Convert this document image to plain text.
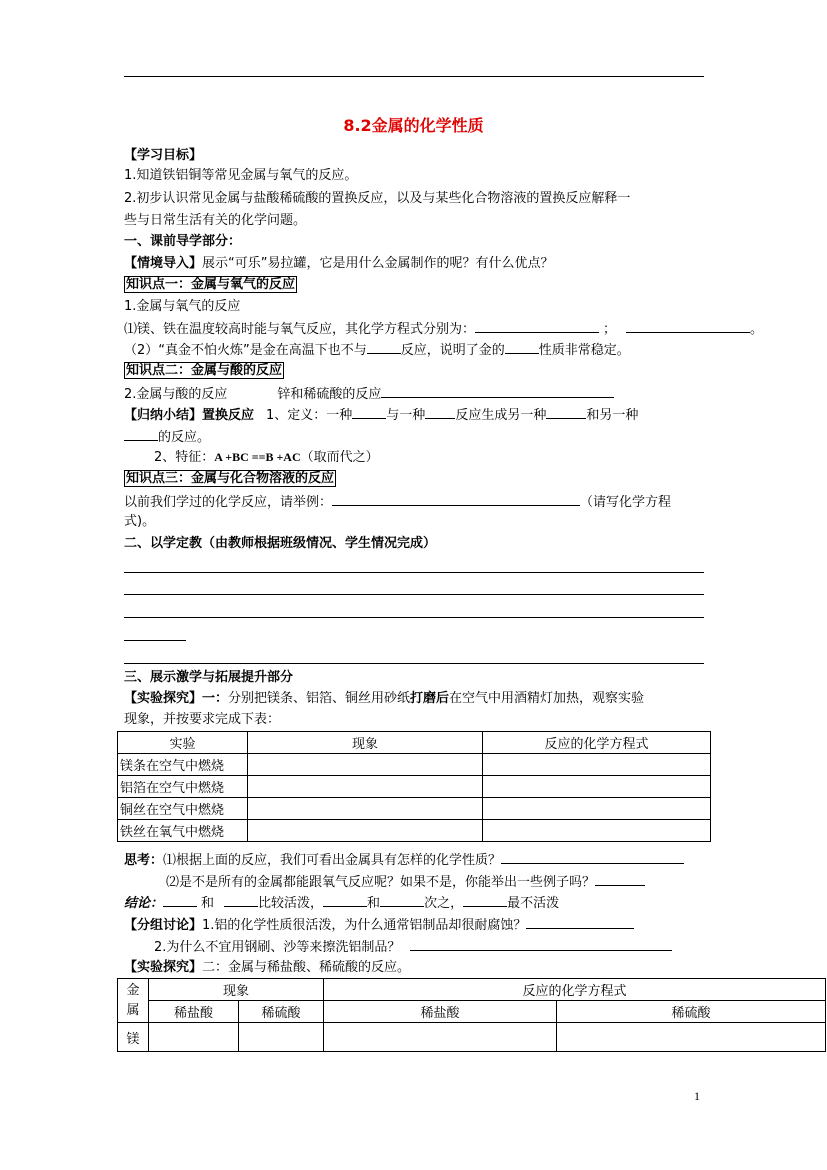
8.2金属的化学性质
【学习目标】
1.知道铁铝铜等常见金属与氧气的反应。
2.初步认识常见金属与盐酸稀硫酸的置换反应，以及与某些化合物溶液的置换反应解释一
些与日常生活有关的化学问题。
一、课前导学部分：
【情境导入】展示“可乐”易拉罐，它是用什么金属制作的呢？有什么优点？
知识点一：金属与氧气的反应
1.金属与氧气的反应
⑴镁、铁在温度较高时能与氧气反应，其化学方程式分别为：	；	。
（2）“真金不怕火炼”是金在高温下也不与	反应，说明了金的	性质非常稳定。
知识点二：金属与酸的反应
2.金属与酸的反应	锌和稀硫酸的反应
【归纳小结】置换反应 1、定义：一种	与一种 反应生成另一种	和另一种
的反应。
2、特征：A +BC ==B +AC（取而代之）
知识点三：金属与化合物溶液的反应
以前我们学过的化学反应，请举例：	（请写化学方程
式)。
二、以学定教（由教师根据班级情况、学生情况完成）
三、展示激学与拓展提升部分
【实验探究】一：分别把镁条、铝箔、铜丝用砂纸打磨后在空气中用酒精灯加热，观察实验
现象，并按要求完成下表：
实验	现象	反应的化学方程式
镁条在空气中燃烧		
铝箔在空气中燃烧		
铜丝在空气中燃烧		
铁丝在氧气中燃烧		
思考：⑴根据上面的反应，我们可看出金属具有怎样的化学性质？
⑵是不是所有的金属都能跟氧气反应呢？如果不是，你能举出一些例子吗？
结论：	和	比较活泼，	和	次之，	最不活泼
【分组讨论】1.铝的化学性质很活泼，为什么通常铝制品却很耐腐蚀？
2.为什么不宜用钢刷、沙等来擦洗铝制品？
【实验探究】二：金属与稀盐酸、稀硫酸的反应。
金
属	现象		反应的化学方程式	
	稀盐酸	稀硫酸	稀盐酸	稀硫酸
镁				
1
